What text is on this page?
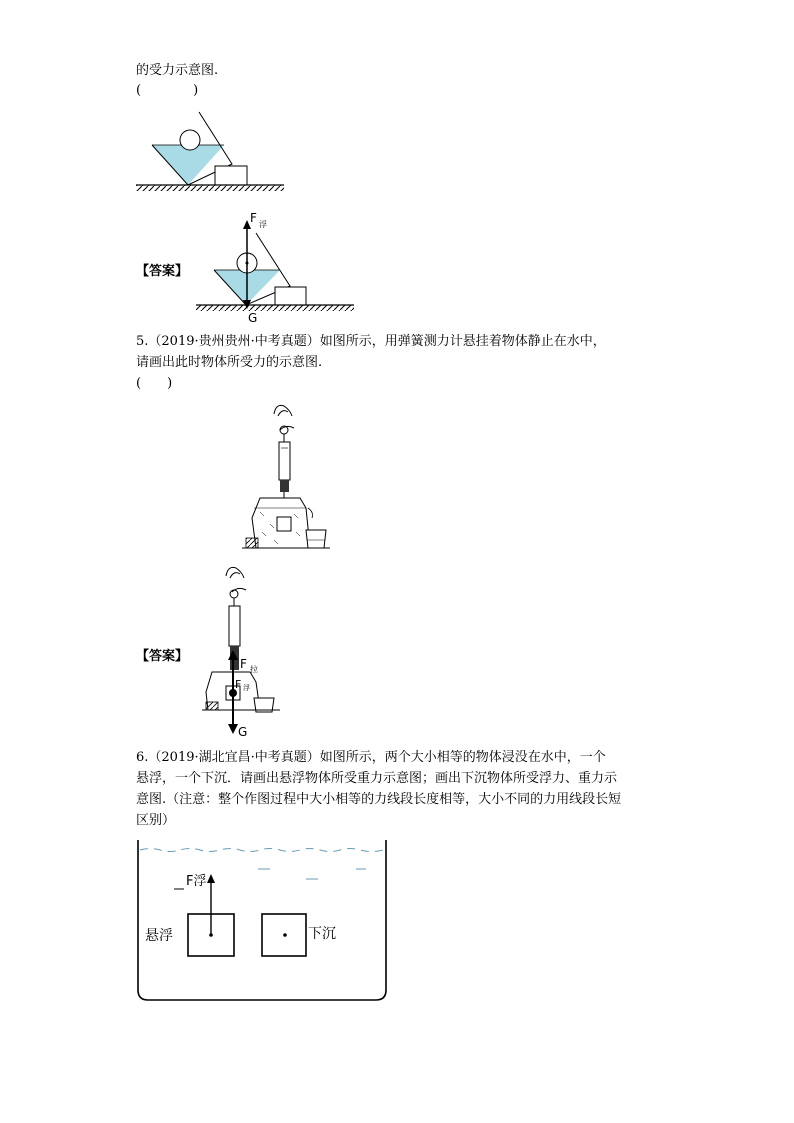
的受力示意图.
(　　　　)
【答案】
F 浮
G
5.（2019·贵州贵州·中考真题）如图所示，用弹簧测力计悬挂着物体静止在水中，
请画出此时物体所受力的示意图.
(　　)
【答案】	F 拉
F 浮
G
6.（2019·湖北宜昌·中考真题）如图所示，两个大小相等的物体浸没在水中，一个
悬浮，一个下沉．请画出悬浮物体所受重力示意图；画出下沉物体所受浮力、重力示
意图.（注意：整个作图过程中大小相等的力线段长度相等，大小不同的力用线段长短
区别）
F浮
悬浮	下沉
